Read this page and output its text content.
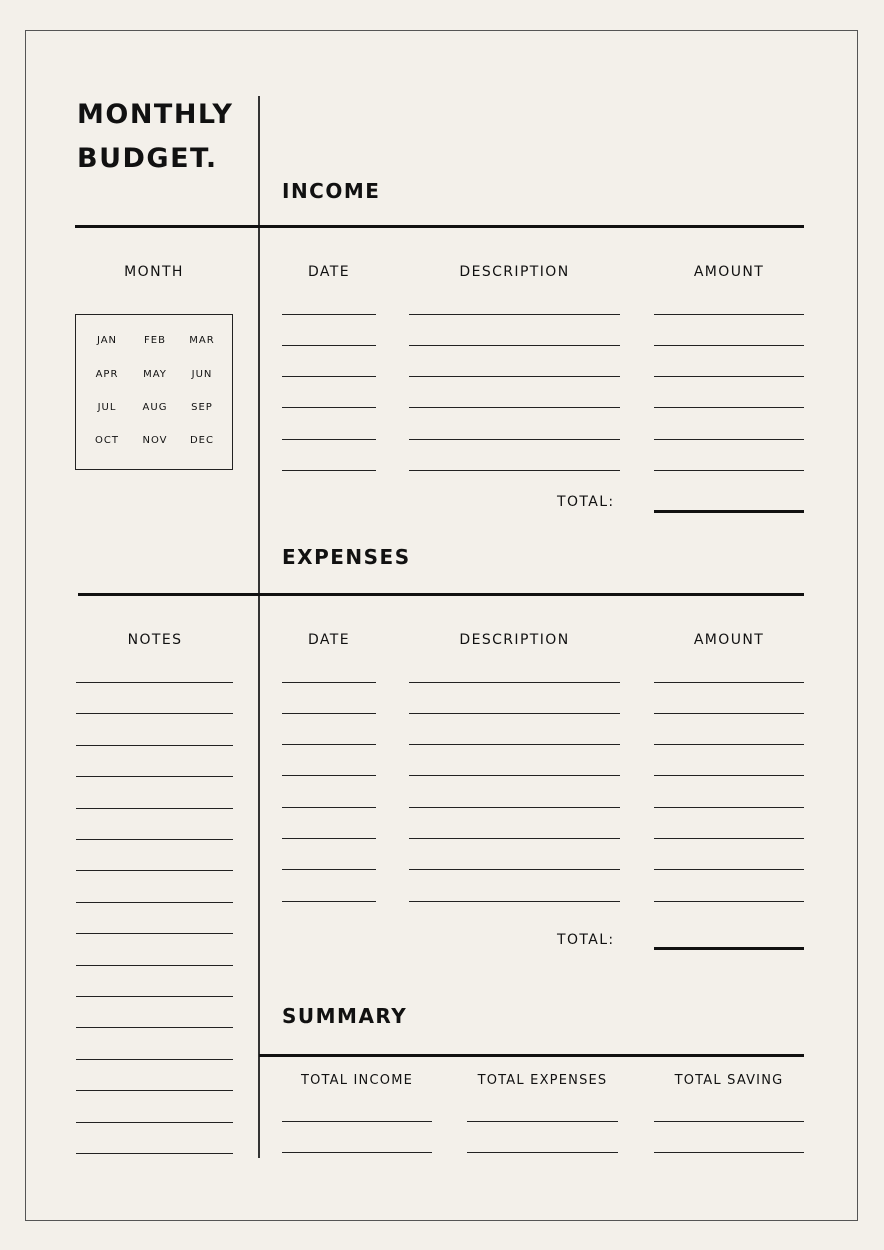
MONTHLY
BUDGET.
INCOME
DATE	DESCRIPTION	AMOUNT
TOTAL:
MONTH
JAN	FEB	MAR
APR	MAY	JUN
JUL	AUG	SEP
OCT	NOV	DEC
EXPENSES
NOTES	DATE	DESCRIPTION	AMOUNT
TOTAL:
SUMMARY
TOTAL INCOME	TOTAL EXPENSES	TOTAL SAVING
